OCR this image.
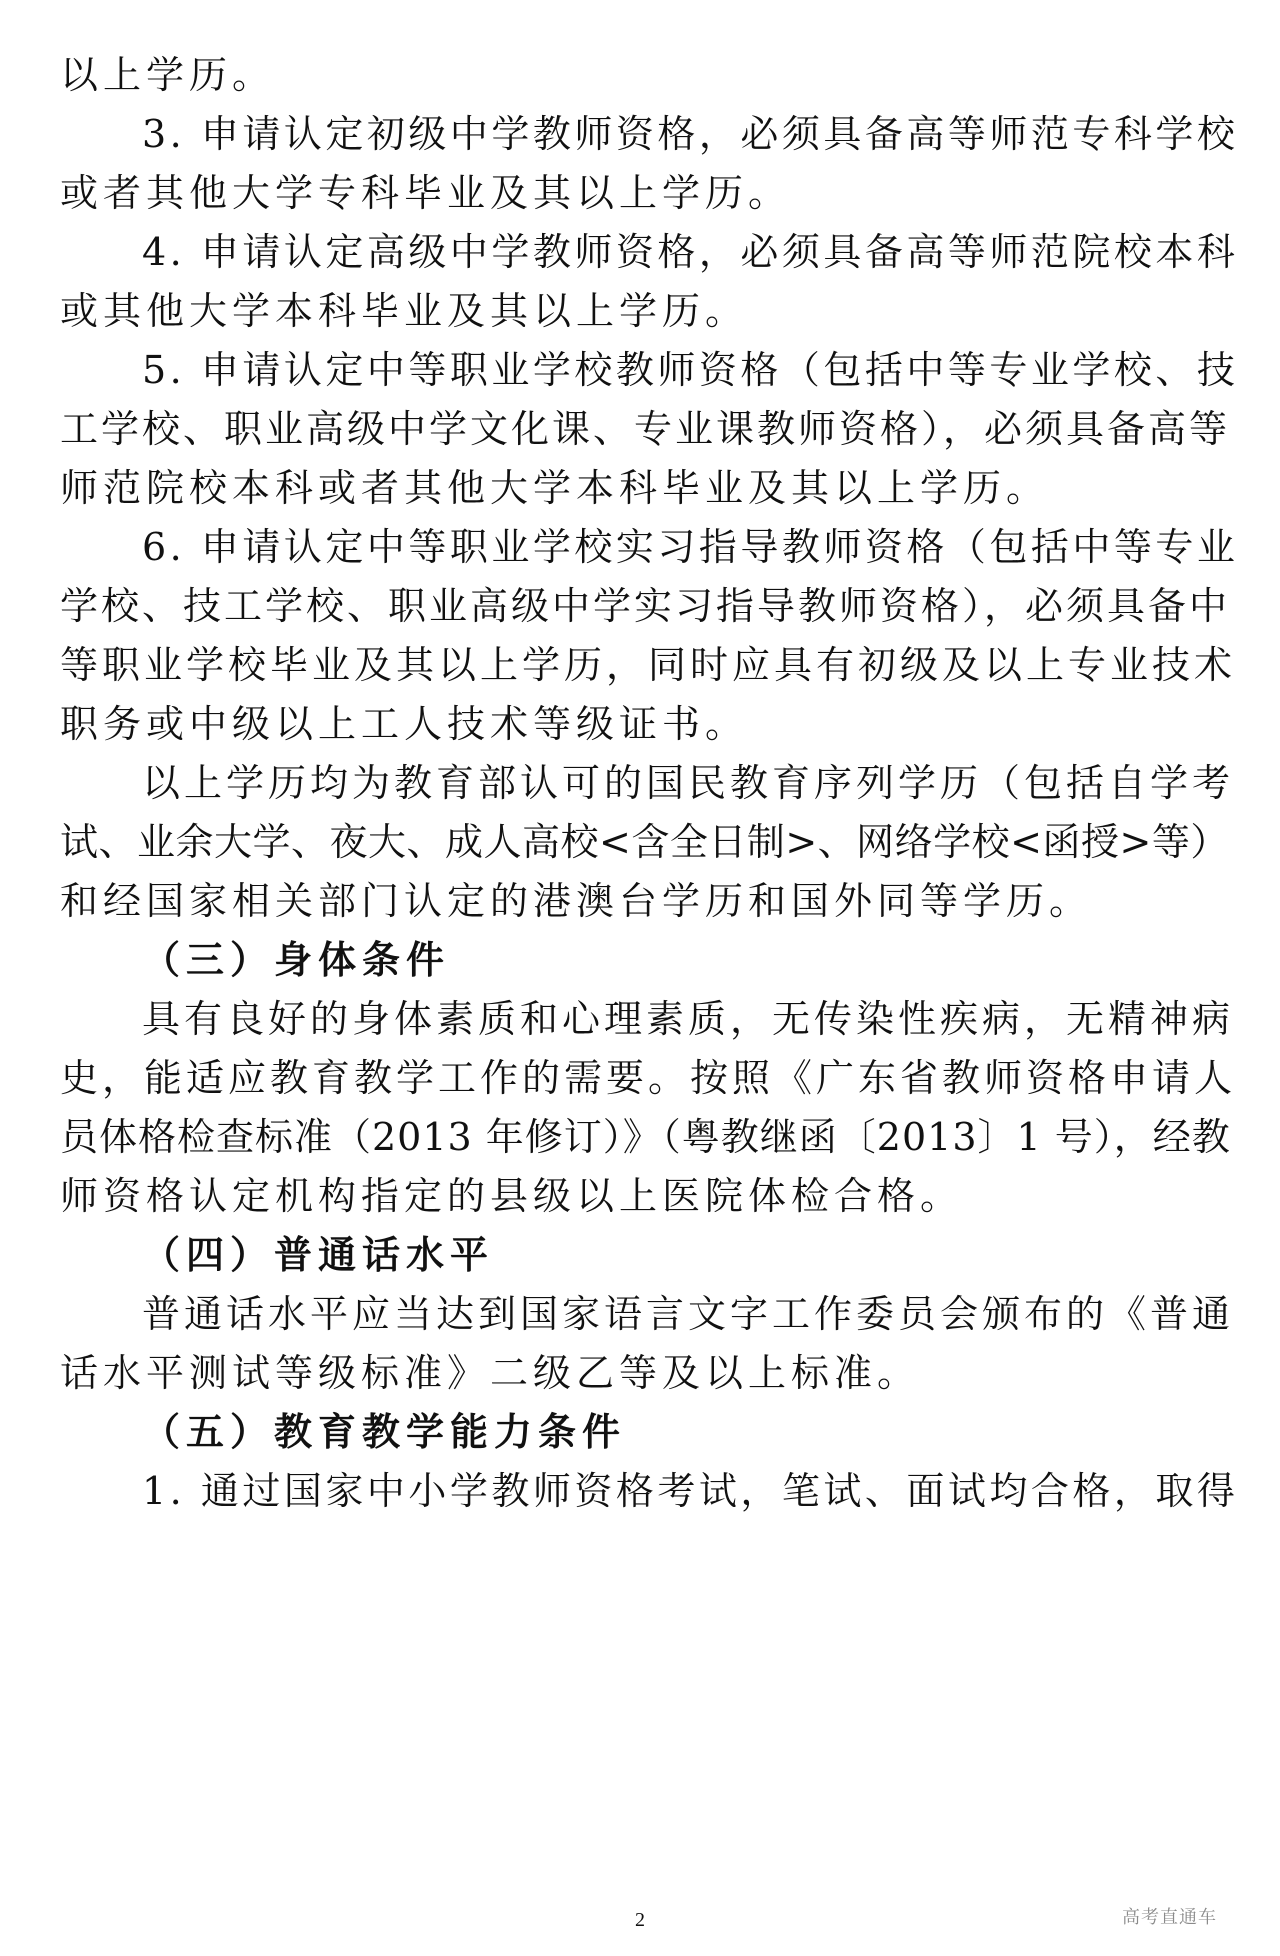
以上学历。
3. 申请认定初级中学教师资格，必须具备高等师范专科学校
或者其他大学专科毕业及其以上学历。
4. 申请认定高级中学教师资格，必须具备高等师范院校本科
或其他大学本科毕业及其以上学历。
5. 申请认定中等职业学校教师资格（包括中等专业学校、技
工学校、职业高级中学文化课、专业课教师资格），必须具备高等
师范院校本科或者其他大学本科毕业及其以上学历。
6. 申请认定中等职业学校实习指导教师资格（包括中等专业
学校、技工学校、职业高级中学实习指导教师资格），必须具备中
等职业学校毕业及其以上学历，同时应具有初级及以上专业技术
职务或中级以上工人技术等级证书。
以上学历均为教育部认可的国民教育序列学历（包括自学考
试、业余大学、夜大、成人高校<含全日制>、网络学校<函授>等）
和经国家相关部门认定的港澳台学历和国外同等学历。
（三）身体条件
具有良好的身体素质和心理素质，无传染性疾病，无精神病
史，能适应教育教学工作的需要。按照《广东省教师资格申请人
员体格检查标准（2013 年修订）》（粤教继函〔2013〕1 号），经教
师资格认定机构指定的县级以上医院体检合格。
（四）普通话水平
普通话水平应当达到国家语言文字工作委员会颁布的《普通
话水平测试等级标准》二级乙等及以上标准。
（五）教育教学能力条件
1. 通过国家中小学教师资格考试，笔试、面试均合格，取得
2	高考直通车
